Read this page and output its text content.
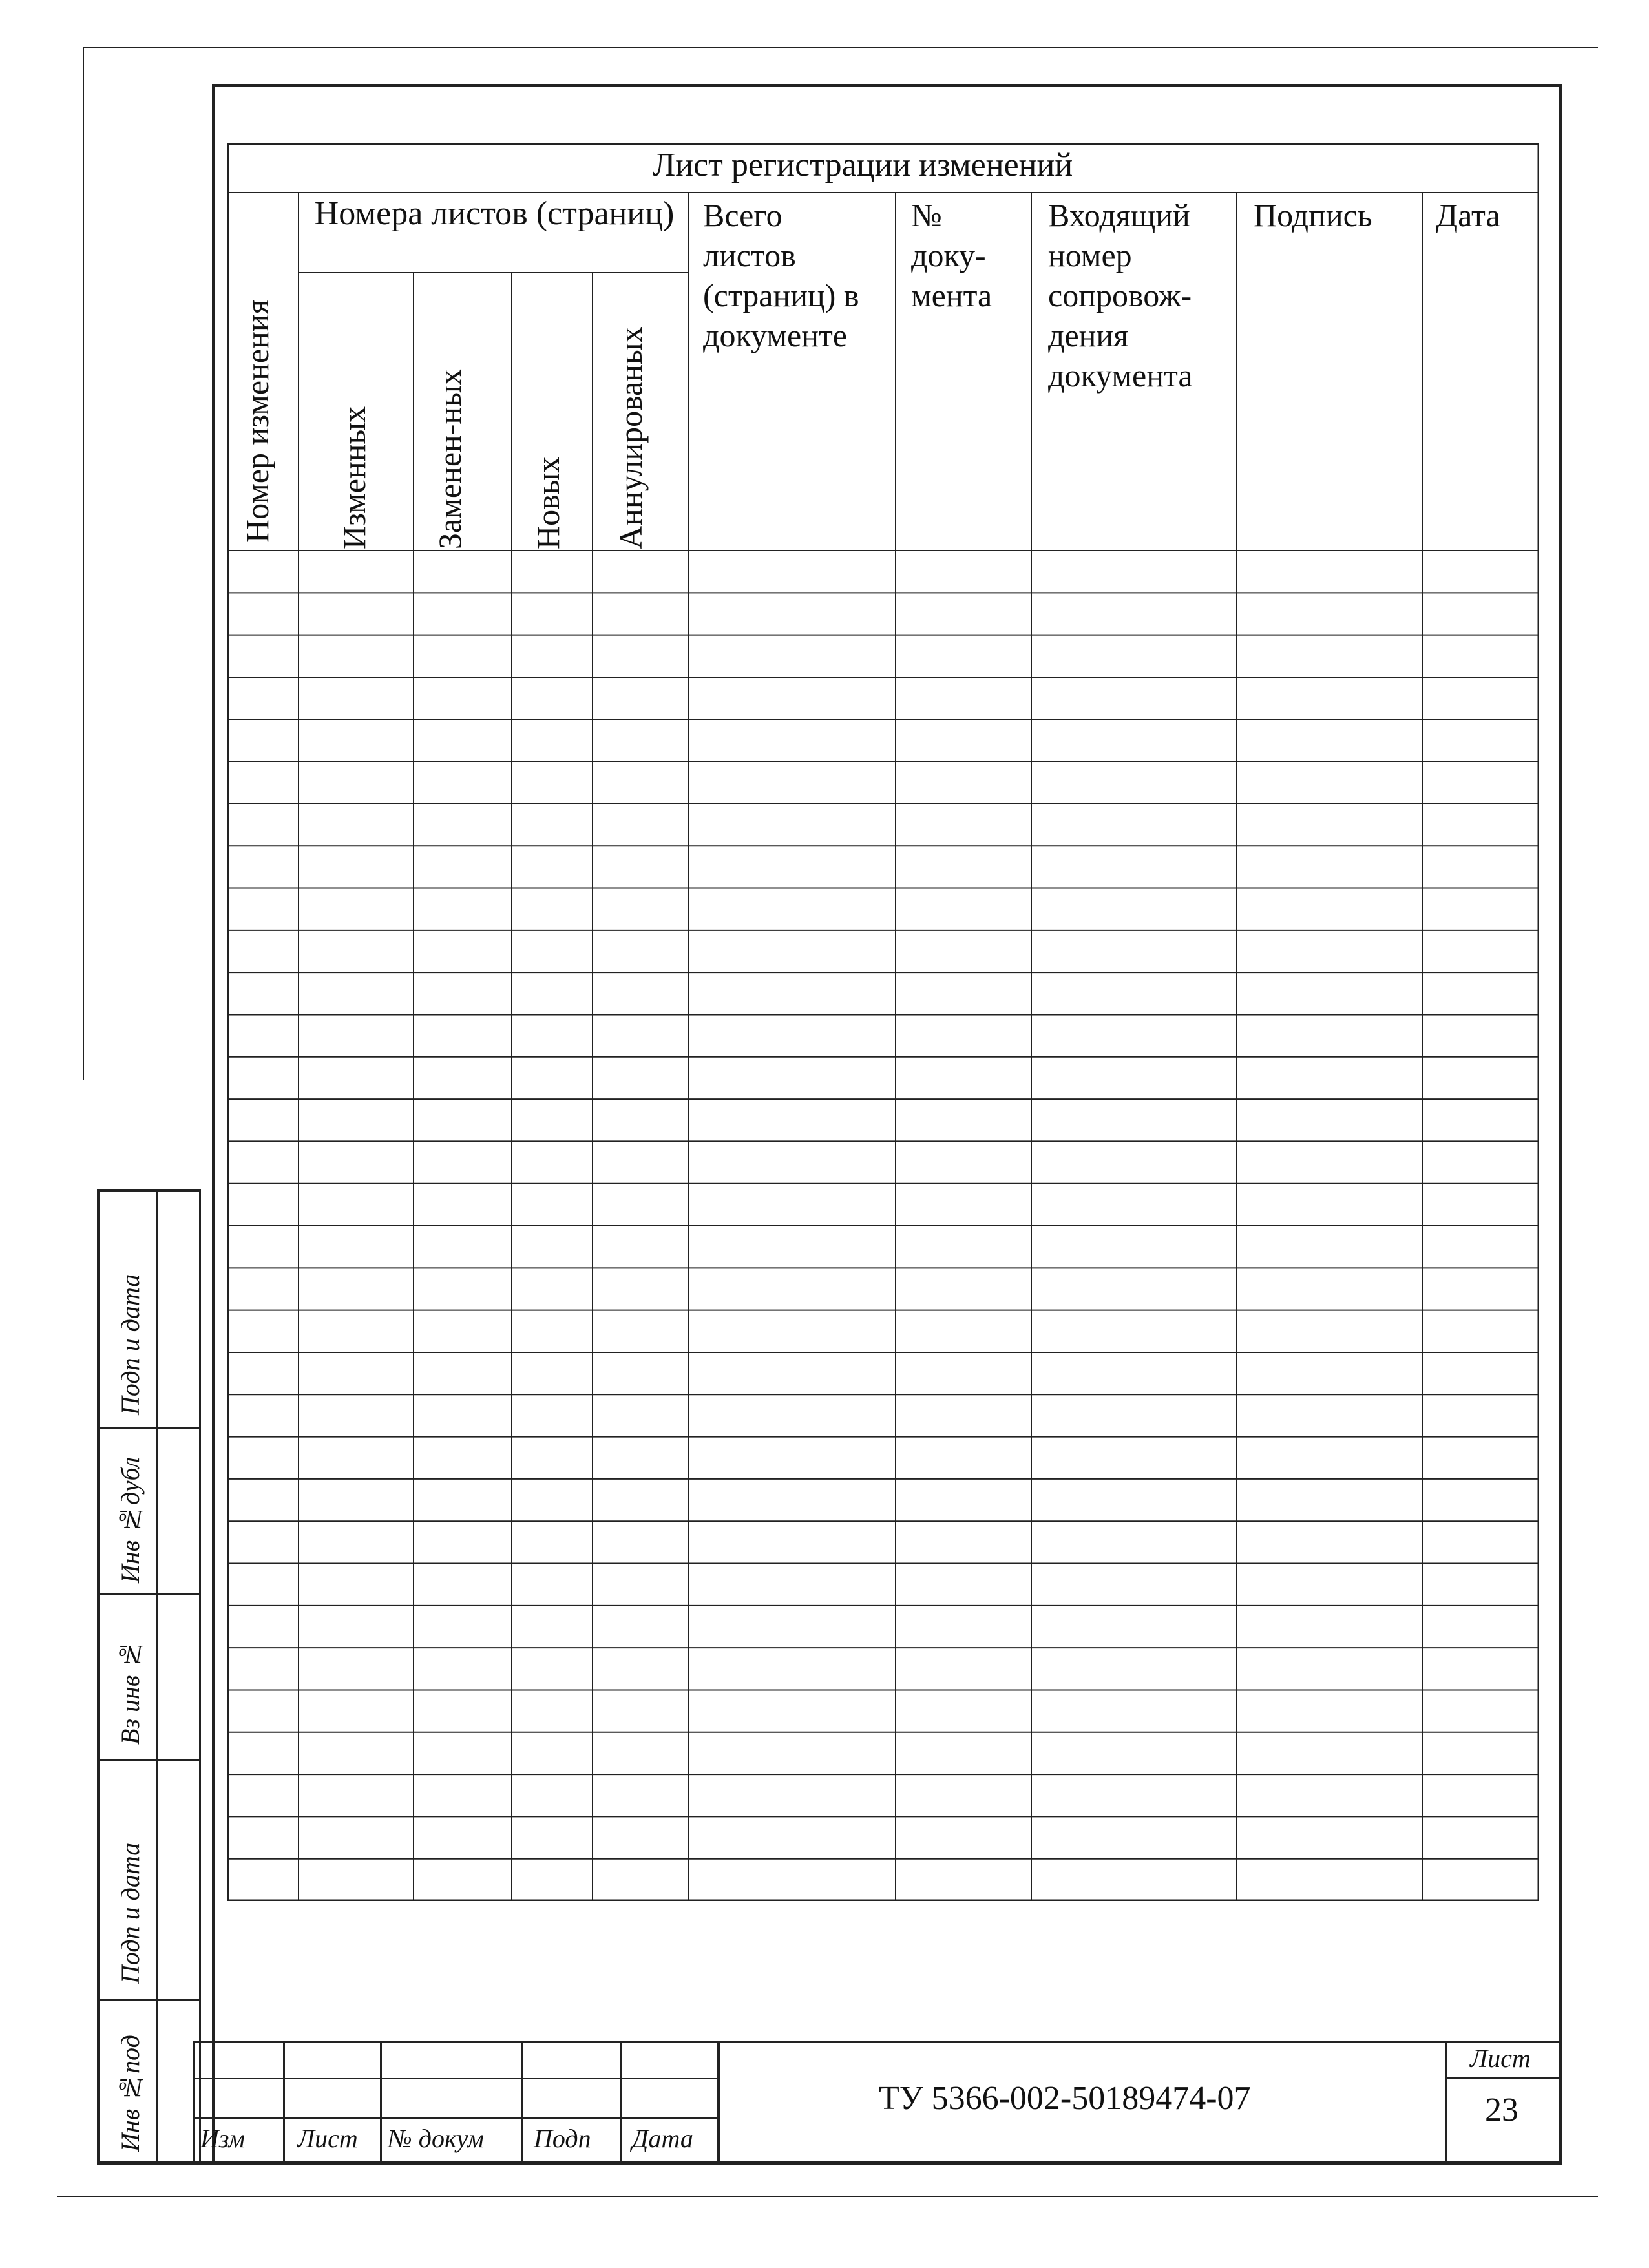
Лист регистрации изменений
Номер изменения
Номера листов (страниц)
Изменных Заменен-ных Новых Аннулированых
Всего
листов
(страниц) в
документе
№
доку-
мента
Входящий
номер
сопровож-
дения
документа
Подпись Дата
Подп и дата
Инв №дубл
Вз инв №
Подп и дата
Инв №nод Изм Лист № докум Подп Дата
ТУ 5366-002-50189474-07
Лист
23
